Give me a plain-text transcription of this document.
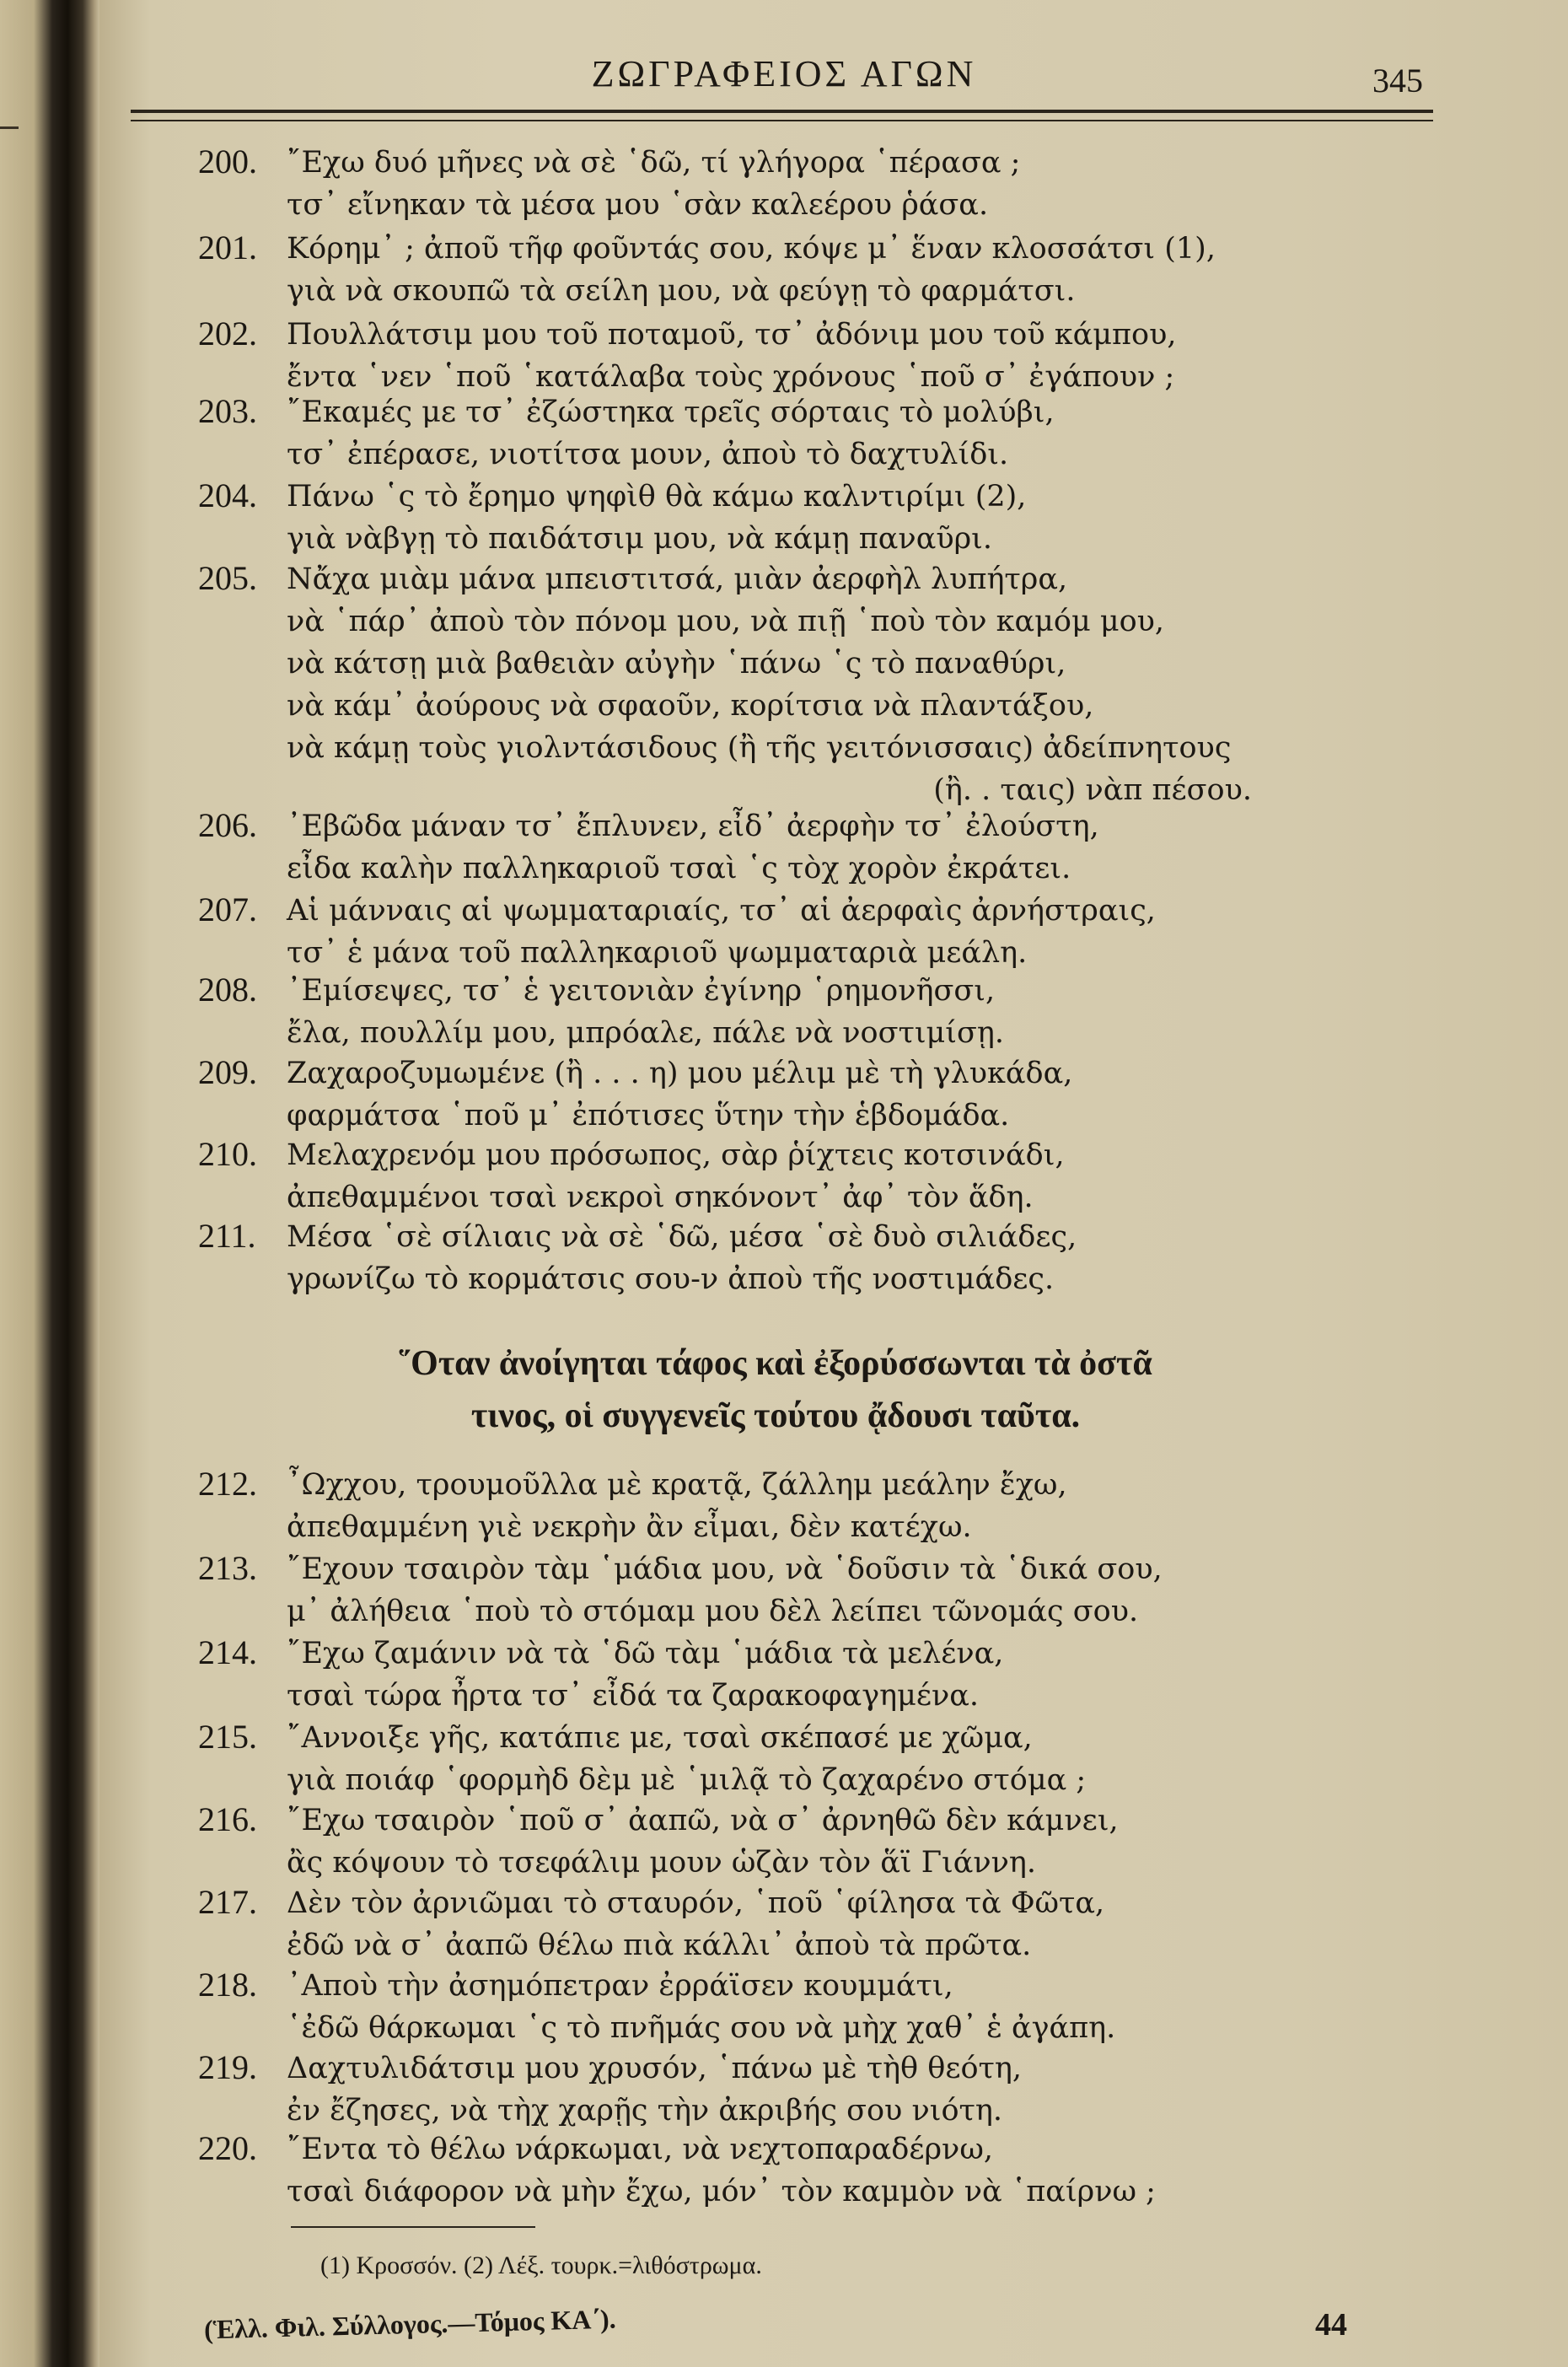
ΖΩΓΡΑΦΕΙΟΣ ΑΓΩΝ	345
200. ῎Εχω δυό μῆνες νὰ σὲ ῾δῶ, τί γλήγορα ῾πέρασα ;
τσ᾿ εἴνηκαν τὰ μέσα μου ῾σὰν καλεέρου ῥάσα.
201. Κόρημ᾿ ; ἀποῦ τῆφ φοῦντάς σου, κόψε μ᾿ ἕναν κλοσσάτσι (1),
γιὰ νὰ σκουπῶ τὰ σείλη μου, νὰ φεύγῃ τὸ φαρμάτσι.
202. Πουλλάτσιμ μου τοῦ ποταμοῦ, τσ᾿ ἀδόνιμ μου τοῦ κάμπου,
ἔντα ῾νεν ῾ποῦ ῾κατάλαβα τοὺς χρόνους ῾ποῦ σ᾿ ἐγάπουν ;
203. ῎Εκαμές με τσ᾿ ἐζώστηκα τρεῖς σόρταις τὸ μολύβι,
τσ᾿ ἐπέρασε, νιοτίτσα μουν, ἀποὺ τὸ δαχτυλίδι.
204. Πάνω ῾ς τὸ ἔρημο ψηφὶθ θὰ κάμω καλντιρίμι (2),
γιὰ νὰβγῃ τὸ παιδάτσιμ μου, νὰ κάμῃ παναῦρι.
205. Νἄχα μιὰμ μάνα μπειστιτσά, μιὰν ἀερφὴλ λυπήτρα,
νὰ ῾πάρ᾿ ἀποὺ τὸν πόνομ μου, νὰ πιῇ ῾ποὺ τὸν καμόμ μου,
νὰ κάτσῃ μιὰ βαθειὰν αὐγὴν ῾πάνω ῾ς τὸ παναθύρι,
νὰ κάμ᾿ ἀούρους νὰ σφαοῦν, κορίτσια νὰ πλαντάξου,
νὰ κάμῃ τοὺς γιολντάσιδους (ἢ τῆς γειτόνισσαις) ἀδείπνητους
(ἢ. . ταις) νὰπ πέσου.
206. ᾿Εβῶδα μάναν τσ᾿ ἔπλυνεν, εἶδ᾿ ἀερφὴν τσ᾿ ἐλούστη,
εἶδα καλὴν παλληκαριοῦ τσαὶ ῾ς τὸχ χορὸν ἐκράτει.
207. Αἱ μάνναις αἱ ψωμματαριαίς, τσ᾿ αἱ ἀερφαὶς ἀρνήστραις,
τσ᾿ ἑ μάνα τοῦ παλληκαριοῦ ψωμματαριὰ μεάλη.
208. ᾿Εμίσεψες, τσ᾿ ἑ γειτονιὰν ἐγίνηρ ῾ρημονῆσσι,
ἔλα, πουλλίμ μου, μπρόαλε, πάλε νὰ νοστιμίσῃ.
209. Ζαχαροζυμωμένε (ἢ . . . η) μου μέλιμ μὲ τὴ γλυκάδα,
φαρμάτσα ῾ποῦ μ᾿ ἐπότισες ὕτην τὴν ἑβδομάδα.
210. Μελαχρενόμ μου πρόσωπος, σὰρ ῥίχτεις κοτσινάδι,
ἀπεθαμμένοι τσαὶ νεκροὶ σηκόνοντ᾿ ἀφ᾿ τὸν ἅδη.
211. Μέσα ῾σὲ σίλιαις νὰ σὲ ῾δῶ, μέσα ῾σὲ δυὸ σιλιάδες,
γρωνίζω τὸ κορμάτσις σου-ν ἀποὺ τῆς νοστιμάδες.
῞Οταν ἀνοίγηται τάφος καὶ ἐξορύσσωνται τὰ ὀστᾶ
τινος, οἱ συγγενεῖς τούτου ᾄδουσι ταῦτα.
212. ῏Ωχχου, τρουμοῦλλα μὲ κρατᾷ, ζάλλημ μεάλην ἔχω,
ἀπεθαμμένη γιὲ νεκρὴν ἂν εἶμαι, δὲν κατέχω.
213. ῎Εχουν τσαιρὸν τὰμ ῾μάδια μου, νὰ ῾δοῦσιν τὰ ῾δικά σου,
μ᾿ ἀλήθεια ῾ποὺ τὸ στόμαμ μου δὲλ λείπει τῶνομάς σου.
214. ῎Εχω ζαμάνιν νὰ τὰ ῾δῶ τὰμ ῾μάδια τὰ μελένα,
τσαὶ τώρα ἦρτα τσ᾿ εἶδά τα ζαρακοφαγημένα.
215. ῎Αννοιξε γῆς, κατάπιε με, τσαὶ σκέπασέ με χῶμα,
γιὰ ποιάφ ῾φορμὴδ δὲμ μὲ ῾μιλᾷ τὸ ζαχαρένο στόμα ;
216. ῎Εχω τσαιρὸν ῾ποῦ σ᾿ ἀαπῶ, νὰ σ᾿ ἀρνηθῶ δὲν κάμνει,
ἂς κόψουν τὸ τσεφάλιμ μουν ὡζὰν τὸν ἅϊ Γιάννη.
217. Δὲν τὸν ἀρνιῶμαι τὸ σταυρόν, ῾ποῦ ῾φίλησα τὰ Φῶτα,
ἐδῶ νὰ σ᾿ ἀαπῶ θέλω πιὰ κάλλι᾿ ἀποὺ τὰ πρῶτα.
218. ᾿Αποὺ τὴν ἀσημόπετραν ἐρράϊσεν κουμμάτι,
῾ἐδῶ θάρκωμαι ῾ς τὸ πνῆμάς σου νὰ μὴχ χαθ᾿ ἑ ἀγάπη.
219. Δαχτυλιδάτσιμ μου χρυσόν, ῾πάνω μὲ τὴθ θεότη,
ἐν ἔζησες, νὰ τὴχ χαρῇς τὴν ἀκριβής σου νιότη.
220. ῎Εντα τὸ θέλω νάρκωμαι, νὰ νεχτοπαραδέρνω,
τσαὶ διάφορον νὰ μὴν ἔχω, μόν᾿ τὸν καμμὸν νὰ ῾παίρνω ;
(1) Κροσσόν. (2) Λέξ. τουρκ.=λιθόστρωμα.
(Ἑλλ. Φιλ. Σύλλογος.—Τόμος ΚΑ΄).	44
